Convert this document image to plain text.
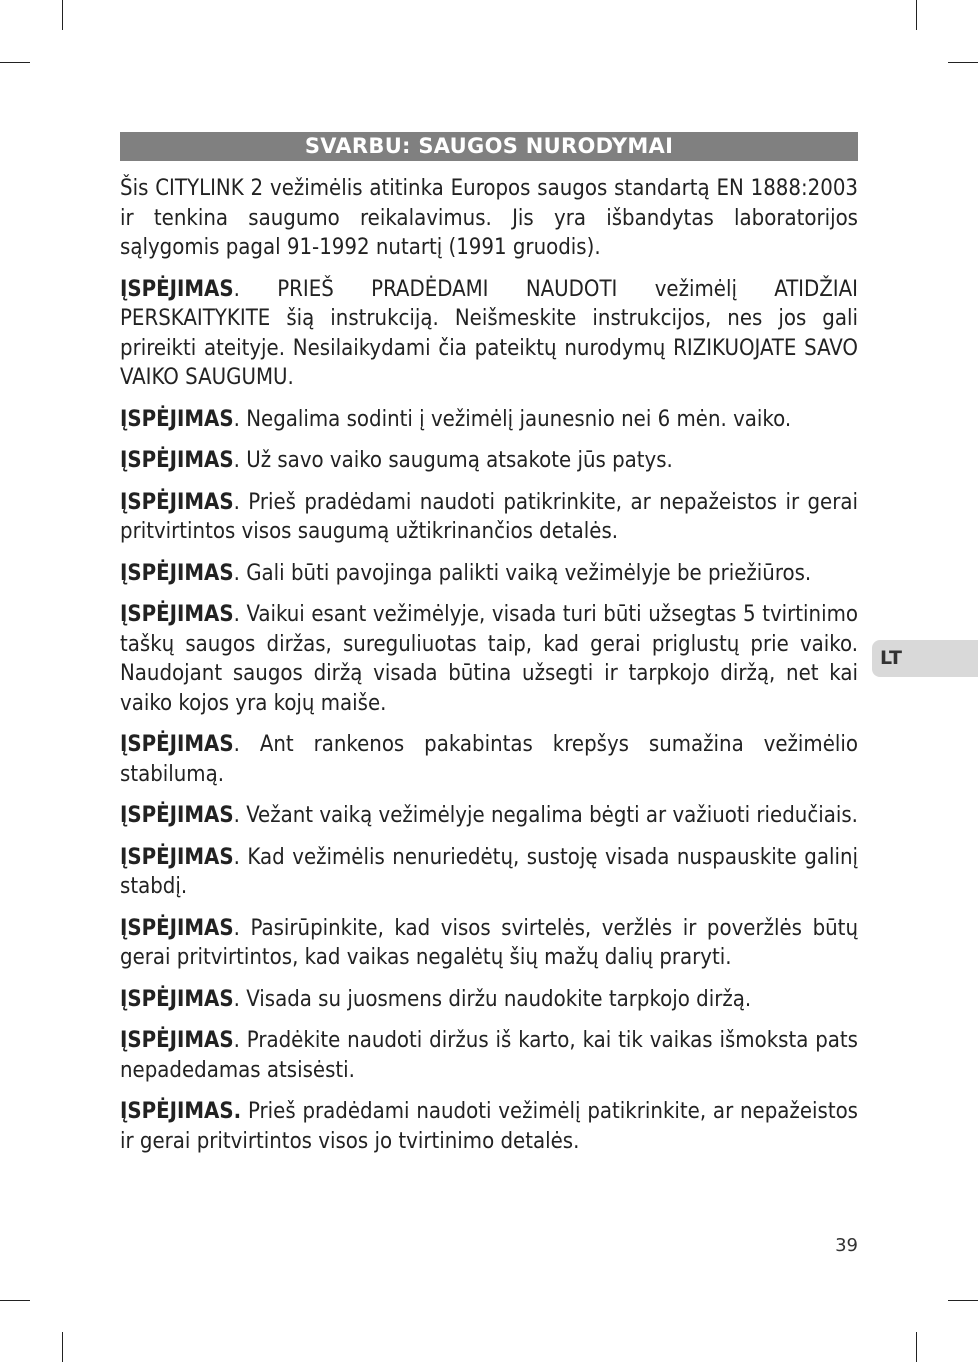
SVARBU: SAUGOS NURODYMAI

Šis CITYLINK 2 vežimėlis atitinka Europos saugos standartą EN 1888:2003 ir tenkina saugumo reikalavimus. Jis yra išbandytas laboratorijos sąlygomis pagal 91-1992 nutartį (1991 gruodis).

ĮSPĖJIMAS. PRIEŠ PRADĖDAMI NAUDOTI vežimėlį ATIDŽIAI PERSKAITYKITE šią instrukciją. Neišmeskite instrukcijos, nes jos gali prireikti ateityje. Nesilaikydami čia pateiktų nurodymų RIZIKUOJATE SAVO VAIKO SAUGUMU.

ĮSPĖJIMAS. Negalima sodinti į vežimėlį jaunesnio nei 6 mėn. vaiko.

ĮSPĖJIMAS. Už savo vaiko saugumą atsakote jūs patys.

ĮSPĖJIMAS. Prieš pradėdami naudoti patikrinkite, ar nepažeistos ir gerai pritvirtintos visos saugumą užtikrinančios detalės.

ĮSPĖJIMAS. Gali būti pavojinga palikti vaiką vežimėlyje be priežiūros.

ĮSPĖJIMAS. Vaikui esant vežimėlyje, visada turi būti užsegtas 5 tvirtinimo taškų saugos diržas, sureguliuotas taip, kad gerai priglustų prie vaiko. Naudojant saugos diržą visada būtina užsegti ir tarpkojo diržą, net kai vaiko kojos yra kojų maiše.

ĮSPĖJIMAS. Ant rankenos pakabintas krepšys sumažina vežimėlio stabilumą.

ĮSPĖJIMAS. Vežant vaiką vežimėlyje negalima bėgti ar važiuoti riedučiais.

ĮSPĖJIMAS. Kad vežimėlis nenuriedėtų, sustoję visada nuspauskite galinį stabdį.

ĮSPĖJIMAS. Pasirūpinkite, kad visos svirtelės, veržlės ir poveržlės būtų gerai pritvirtintos, kad vaikas negalėtų šių mažų dalių praryti.

ĮSPĖJIMAS. Visada su juosmens diržu naudokite tarpkojo diržą.

ĮSPĖJIMAS. Pradėkite naudoti diržus iš karto, kai tik vaikas išmoksta pats nepadedamas atsisėsti.

ĮSPĖJIMAS. Prieš pradėdami naudoti vežimėlį patikrinkite, ar nepažeistos ir gerai pritvirtintos visos jo tvirtinimo detalės.

LT
39
